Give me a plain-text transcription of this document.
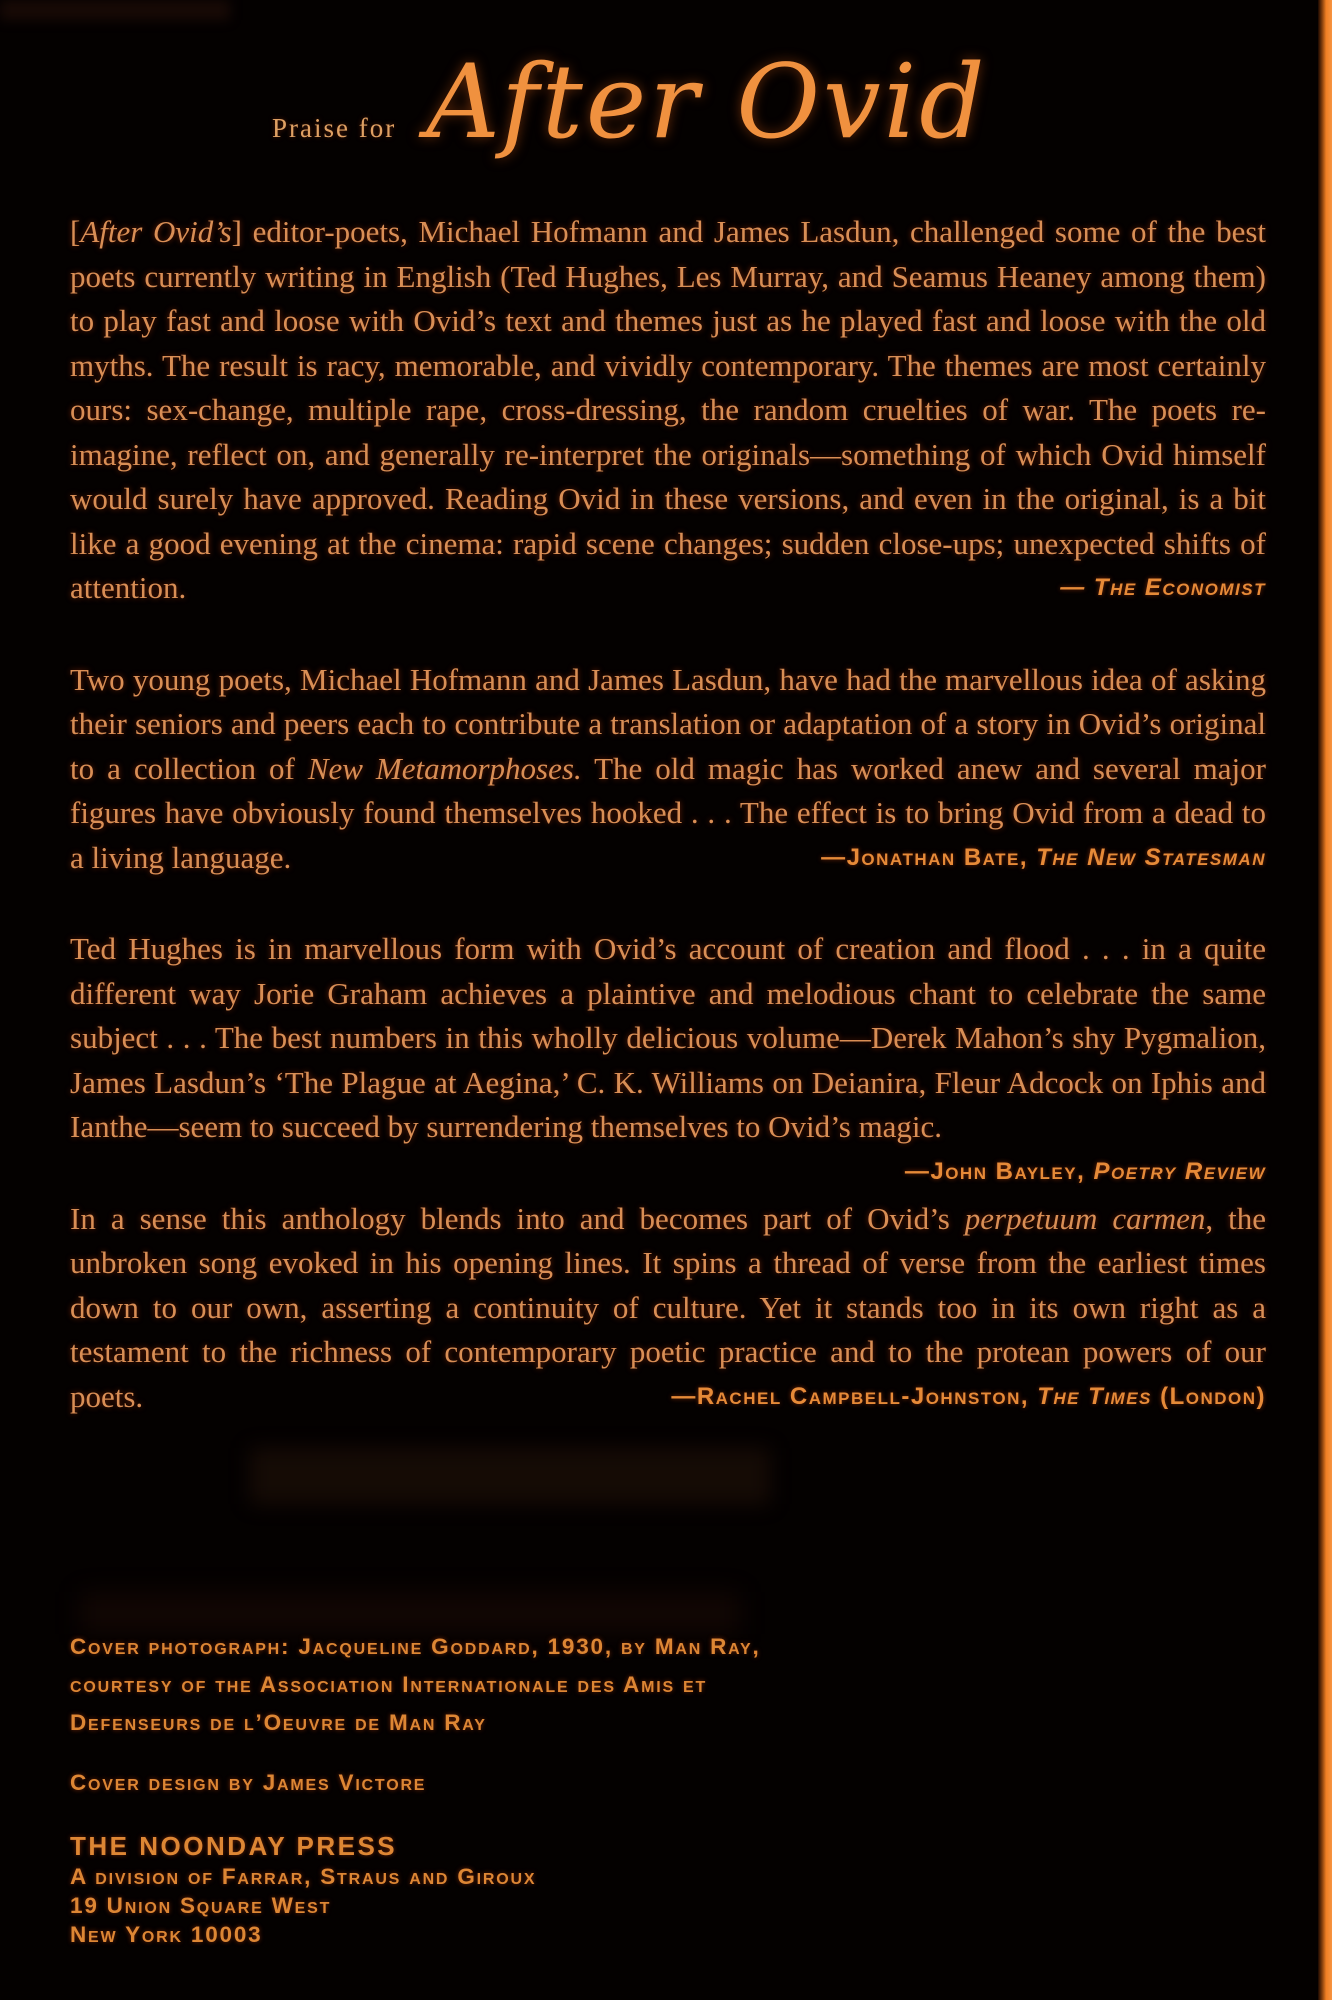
Praise for After Ovid

[After Ovid’s] editor-poets, Michael Hofmann and James Lasdun, challenged some of the best poets currently writing in English (Ted Hughes, Les Murray, and Seamus Heaney among them) to play fast and loose with Ovid’s text and themes just as he played fast and loose with the old myths. The result is racy, memorable, and vividly contemporary. The themes are most certainly ours: sex-change, multiple rape, cross-dressing, the random cruelties of war. The poets re-imagine, reflect on, and generally re-interpret the originals—something of which Ovid himself would surely have approved. Reading Ovid in these versions, and even in the original, is a bit like a good evening at the cinema: rapid scene changes; sudden close-ups; unexpected shifts of attention.	— The Economist

Two young poets, Michael Hofmann and James Lasdun, have had the marvellous idea of asking their seniors and peers each to contribute a translation or adaptation of a story in Ovid’s original to a collection of New Metamorphoses. The old magic has worked anew and several major figures have obviously found themselves hooked . . . The effect is to bring Ovid from a dead to a living language.	—Jonathan Bate, The New Statesman

Ted Hughes is in marvellous form with Ovid’s account of creation and flood . . . in a quite different way Jorie Graham achieves a plaintive and melodious chant to celebrate the same subject . . . The best numbers in this wholly delicious volume—Derek Mahon’s shy Pygmalion, James Lasdun’s ‘The Plague at Aegina,’ C. K. Williams on Deianira, Fleur Adcock on Iphis and Ianthe—seem to succeed by surrendering themselves to Ovid’s magic.
—John Bayley, Poetry Review

In a sense this anthology blends into and becomes part of Ovid’s perpetuum carmen, the unbroken song evoked in his opening lines. It spins a thread of verse from the earliest times down to our own, asserting a continuity of culture. Yet it stands too in its own right as a testament to the richness of contemporary poetic practice and to the protean powers of our poets.	—Rachel Campbell-Johnston, The Times (London)

Cover photograph: Jacqueline Goddard, 1930, by Man Ray,
courtesy of the Association Internationale des Amis et
Defenseurs de l’Oeuvre de Man Ray
Cover design by James Victore
THE NOONDAY PRESS
A division of Farrar, Straus and Giroux
19 Union Square West
New York 10003
